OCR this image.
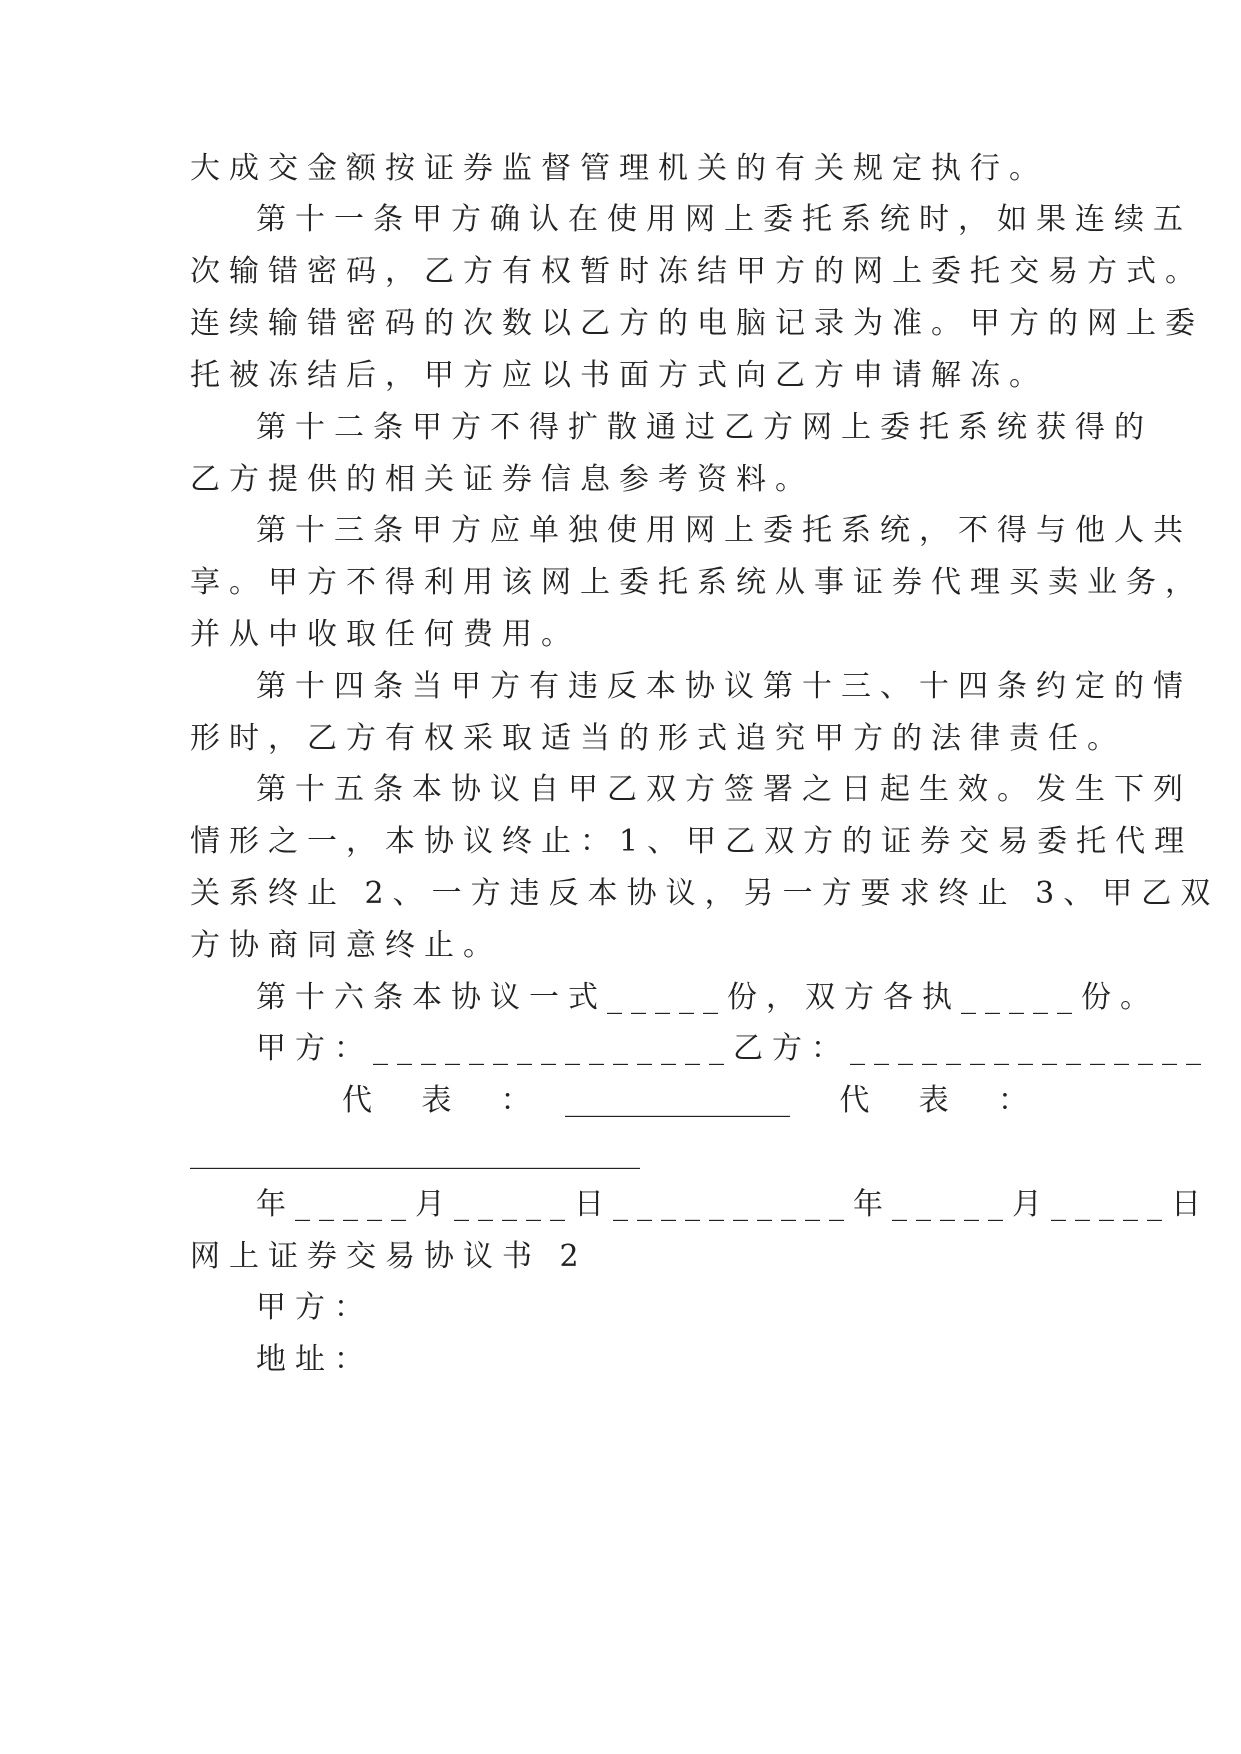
大成交金额按证券监督管理机关的有关规定执行。
第十一条甲方确认在使用网上委托系统时，如果连续五
次输错密码，乙方有权暂时冻结甲方的网上委托交易方式。
连续输错密码的次数以乙方的电脑记录为准。甲方的网上委
托被冻结后，甲方应以书面方式向乙方申请解冻。
第十二条甲方不得扩散通过乙方网上委托系统获得的
乙方提供的相关证券信息参考资料。
第十三条甲方应单独使用网上委托系统，不得与他人共
享。甲方不得利用该网上委托系统从事证券代理买卖业务，
并从中收取任何费用。
第十四条当甲方有违反本协议第十三、十四条约定的情
形时，乙方有权采取适当的形式追究甲方的法律责任。
第十五条本协议自甲乙双方签署之日起生效。发生下列
情形之一，本协议终止：1、甲乙双方的证券交易委托代理
关系终止 2、一方违反本协议，另一方要求终止 3、甲乙双
方协商同意终止。
第十六条本协议一式_____份，双方各执_____份。
甲方：_______________乙方：_______________
代　表　：　_______________　代　表　：
______________________________
年_____月_____日__________年_____月_____日
网上证券交易协议书 2
甲方：
地址：
